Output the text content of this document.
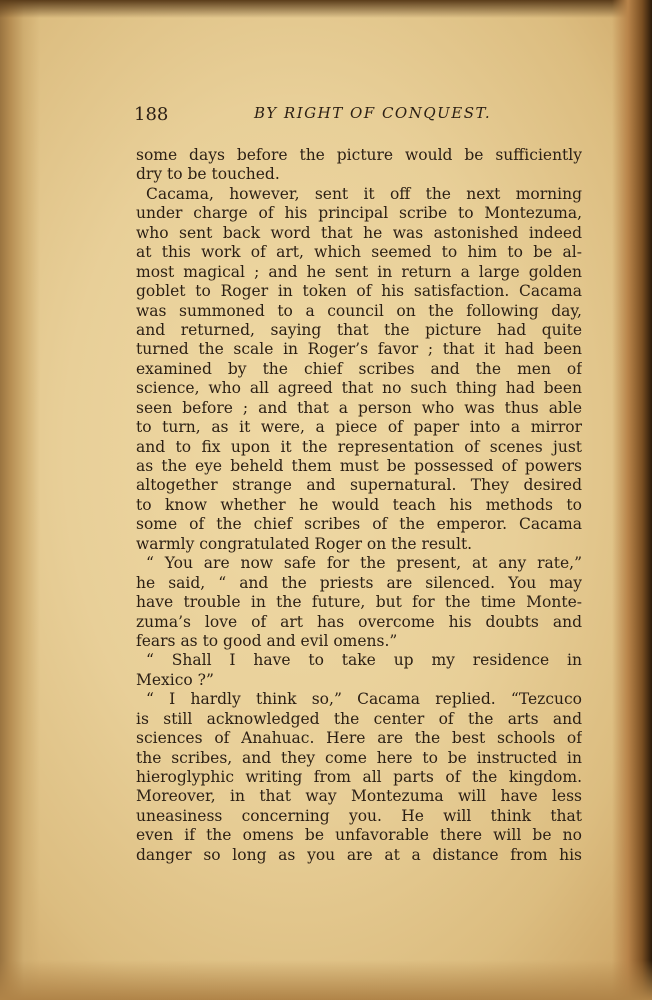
188	BY RIGHT OF CONQUEST.
some days before the picture would be sufficiently
dry to be touched.
Cacama, however, sent it off the next morning
under charge of his principal scribe to Montezuma,
who sent back word that he was astonished indeed
at this work of art, which seemed to him to be al-
most magical ; and he sent in return a large golden
goblet to Roger in token of his satisfaction. Cacama
was summoned to a council on the following day,
and returned, saying that the picture had quite
turned the scale in Roger’s favor ; that it had been
examined by the chief scribes and the men of
science, who all agreed that no such thing had been
seen before ; and that a person who was thus able
to turn, as it were, a piece of paper into a mirror
and to fix upon it the representation of scenes just
as the eye beheld them must be possessed of powers
altogether strange and supernatural. They desired
to know whether he would teach his methods to
some of the chief scribes of the emperor. Cacama
warmly congratulated Roger on the result.
“ You are now safe for the present, at any rate,”
he said, “ and the priests are silenced. You may
have trouble in the future, but for the time Monte-
zuma’s love of art has overcome his doubts and
fears as to good and evil omens.”
“ Shall I have to take up my residence in
Mexico ?”
“ I hardly think so,” Cacama replied. “Tezcuco
is still acknowledged the center of the arts and
sciences of Anahuac. Here are the best schools of
the scribes, and they come here to be instructed in
hieroglyphic writing from all parts of the kingdom.
Moreover, in that way Montezuma will have less
uneasiness concerning you. He will think that
even if the omens be unfavorable there will be no
danger so long as you are at a distance from his
